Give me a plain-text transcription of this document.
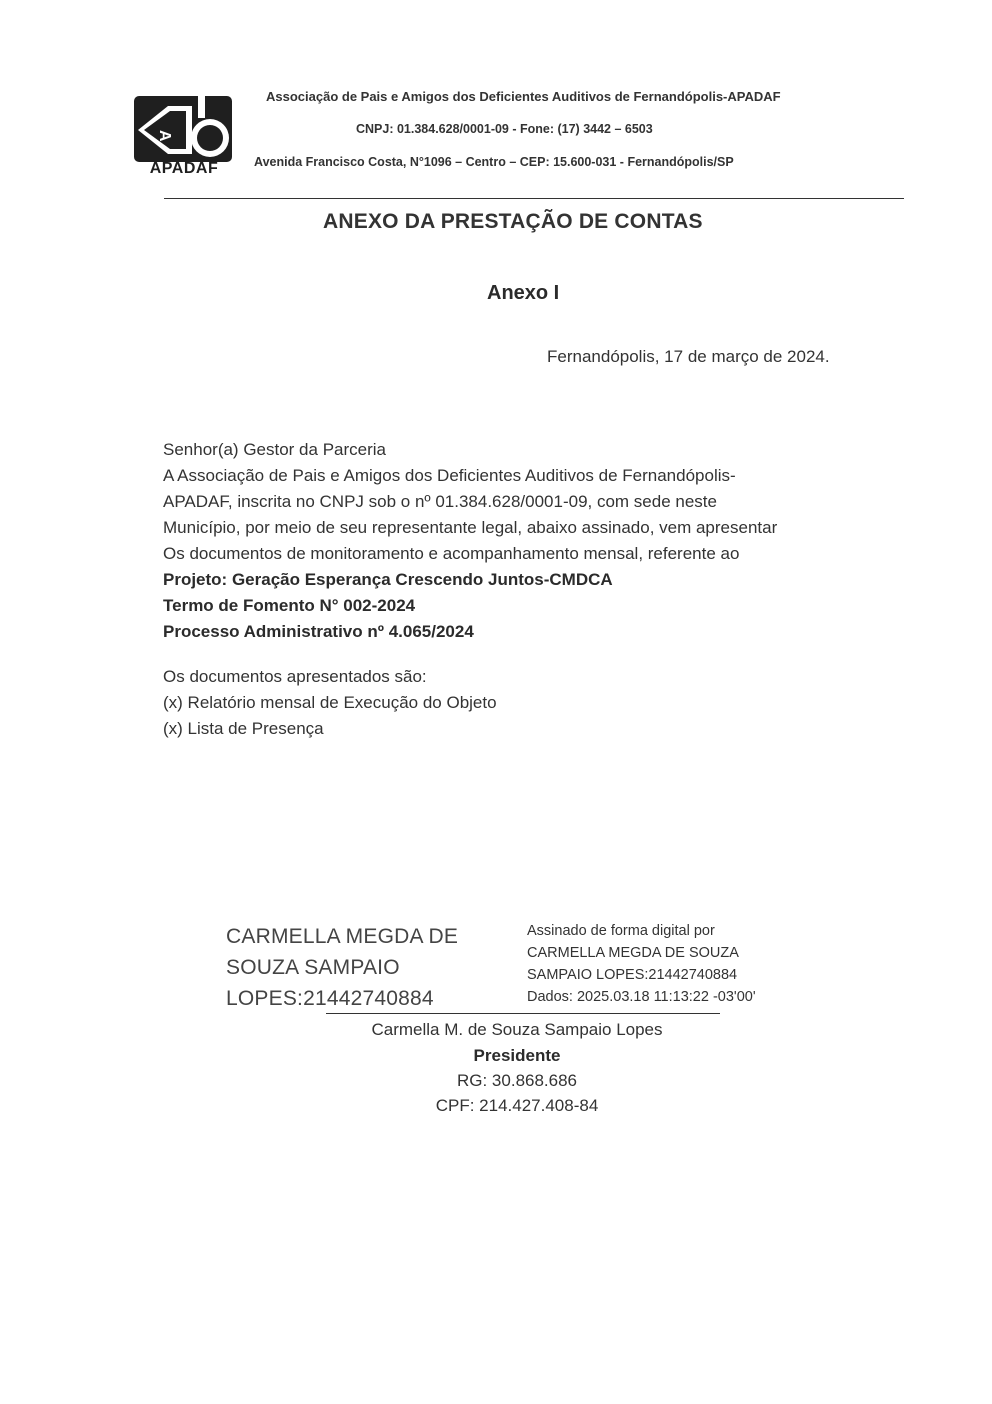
A
APADAF
Associação de Pais e Amigos dos Deficientes Auditivos de Fernandópolis-APADAF
CNPJ: 01.384.628/0001-09 - Fone: (17) 3442 – 6503
Avenida Francisco Costa, N°1096 – Centro – CEP: 15.600-031 - Fernandópolis/SP
ANEXO DA PRESTAÇÃO DE CONTAS
Anexo I
Fernandópolis, 17 de março de 2024.
Senhor(a) Gestor da Parceria
A Associação de Pais e Amigos dos Deficientes Auditivos de Fernandópolis-
APADAF, inscrita no CNPJ sob o nº 01.384.628/0001-09, com sede neste
Município, por meio de seu representante legal, abaixo assinado, vem apresentar
Os documentos de monitoramento e acompanhamento mensal, referente ao
Projeto: Geração Esperança Crescendo Juntos-CMDCA
Termo de Fomento N° 002-2024
Processo Administrativo nº 4.065/2024
Os documentos apresentados são:
(x) Relatório mensal de Execução do Objeto
(x) Lista de Presença
CARMELLA MEGDA DE
SOUZA SAMPAIO
LOPES:21442740884
Assinado de forma digital por
CARMELLA MEGDA DE SOUZA
SAMPAIO LOPES:21442740884
Dados: 2025.03.18 11:13:22 -03'00'
Carmella M. de Souza Sampaio Lopes
Presidente
RG: 30.868.686
CPF: 214.427.408-84
